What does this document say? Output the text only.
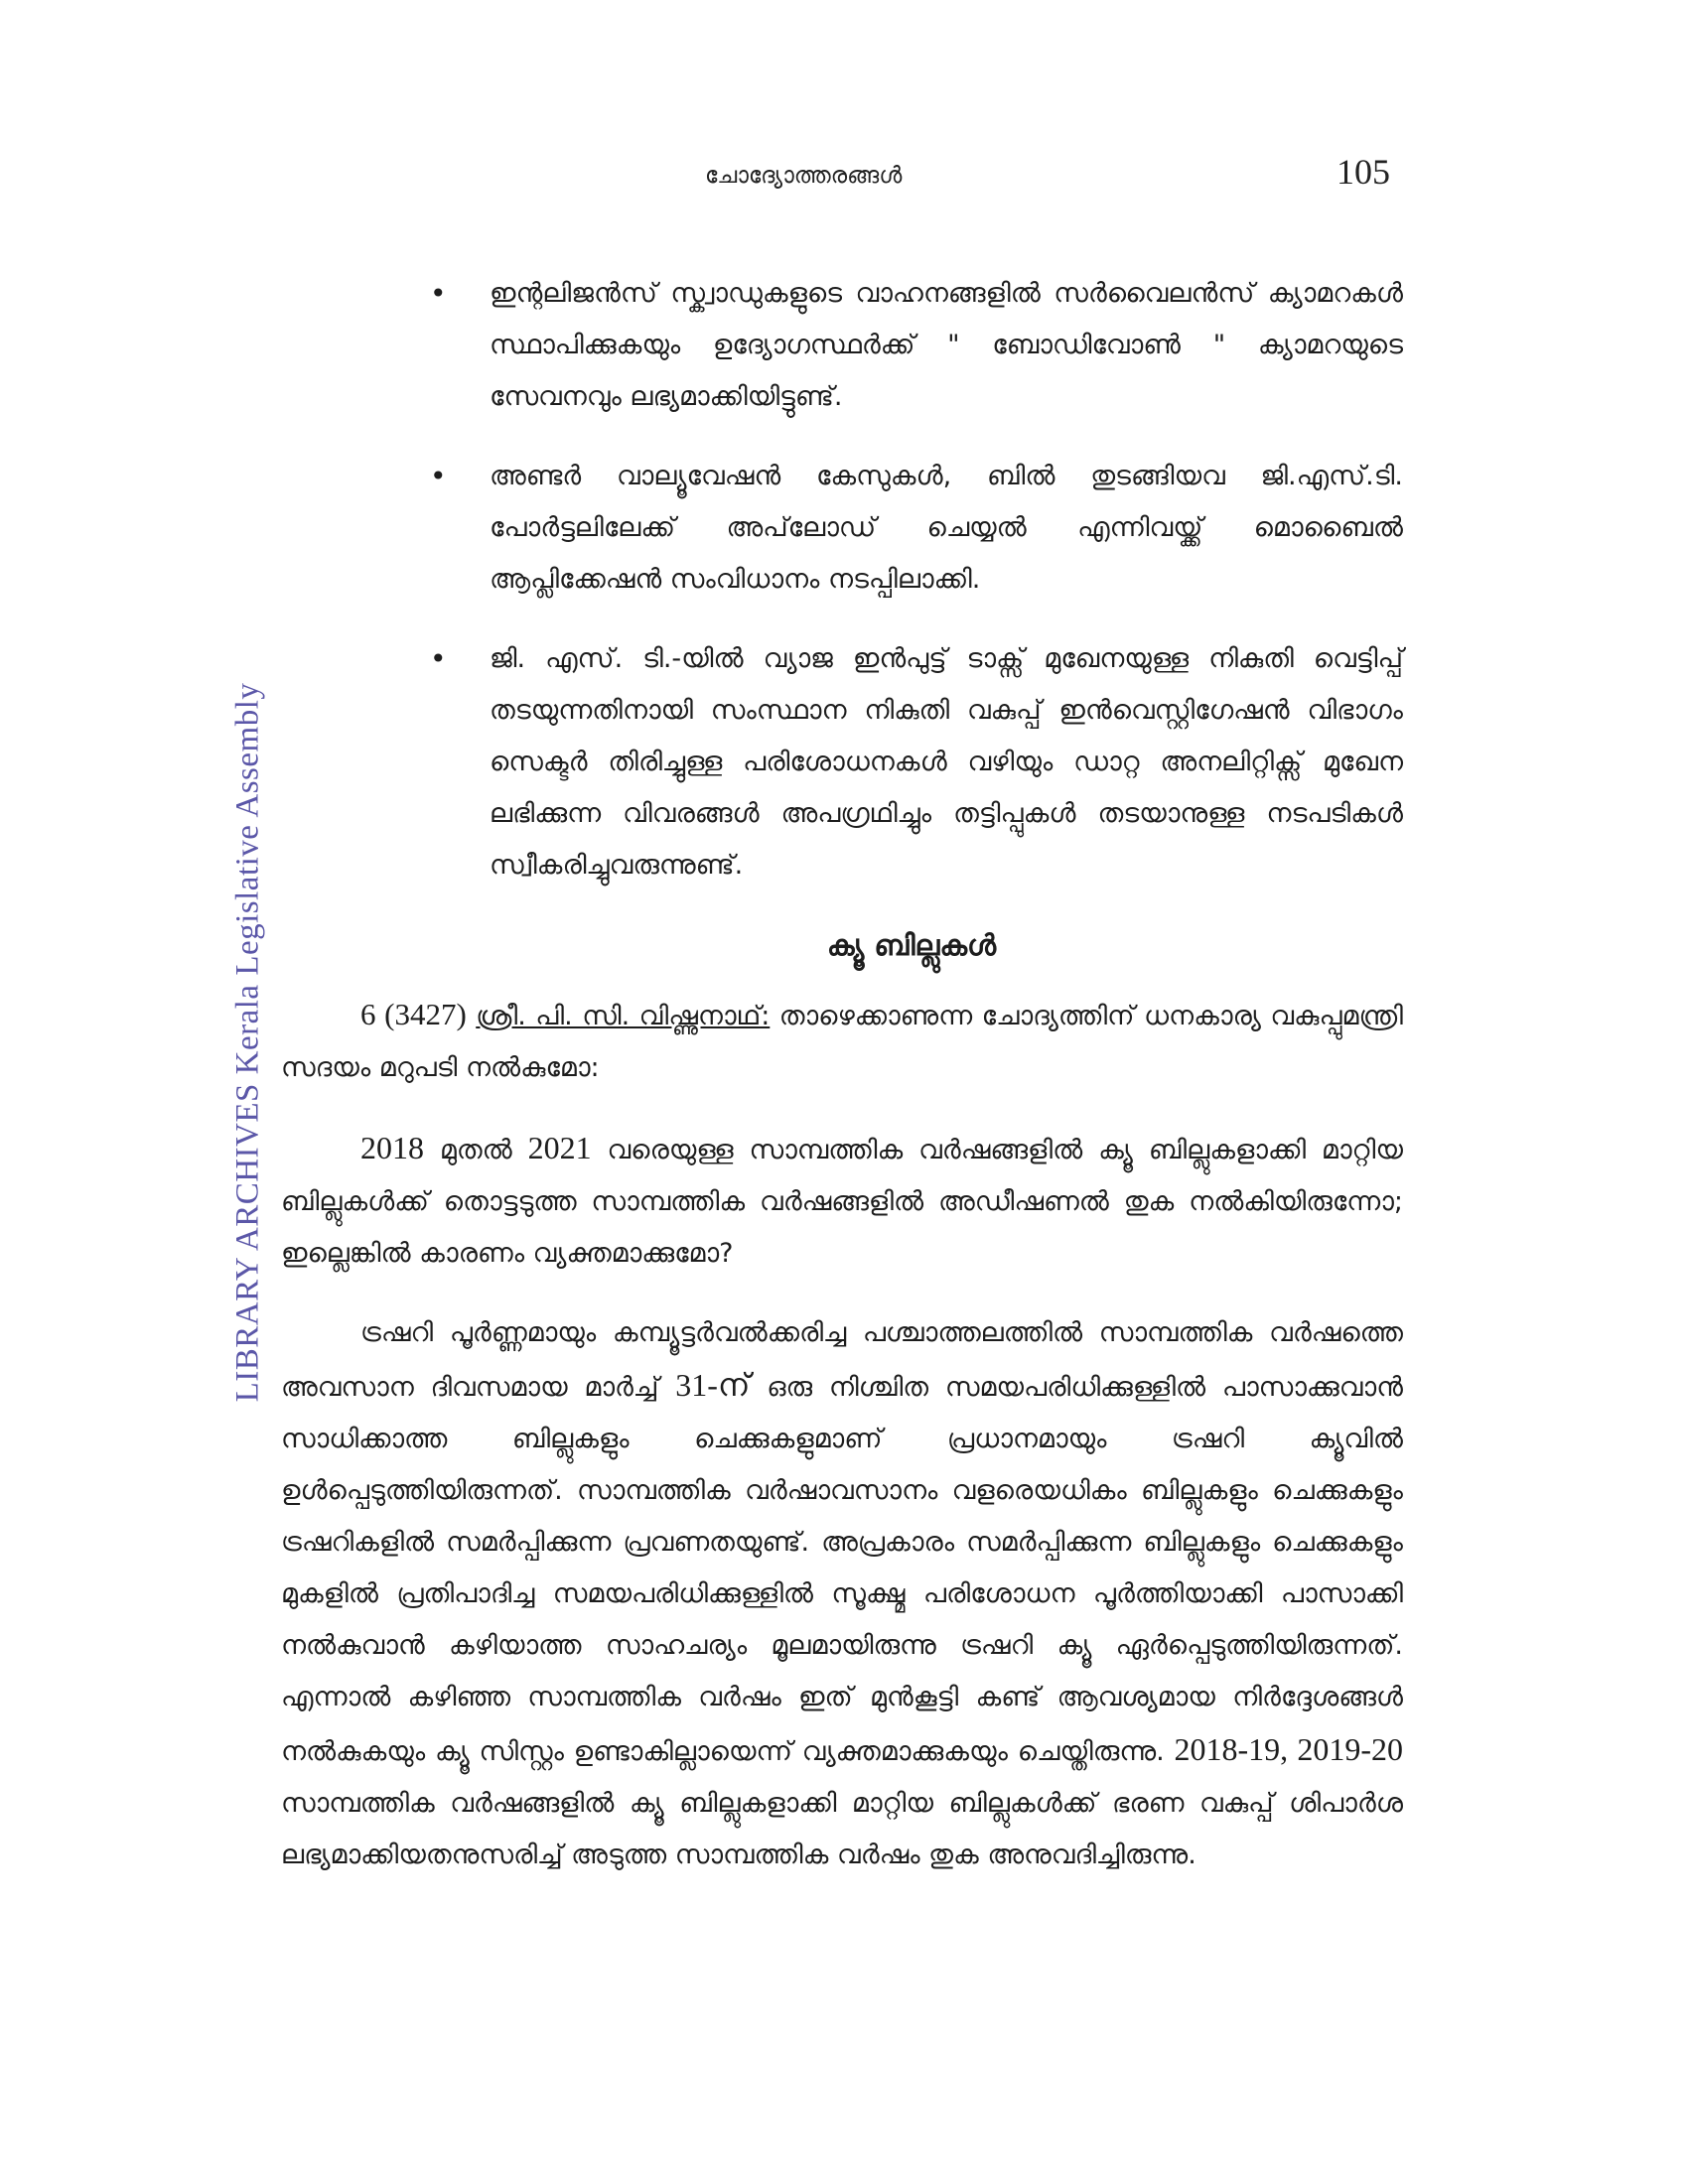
ചോദ്യോത്തരങ്ങൾ	105
LIBRARY ARCHIVES Kerala Legislative Assembly
• ഇന്റലിജൻസ് സ്ക്വാഡുകളുടെ വാഹനങ്ങളിൽ സർവൈലൻസ് ക്യാമറകൾ സ്ഥാപിക്കുകയും ഉദ്യോഗസ്ഥർക്ക് " ബോഡിവോൺ " ക്യാമറയുടെ സേവനവും ലഭ്യമാക്കിയിട്ടുണ്ട്.
• അണ്ടർ വാല്യൂവേഷൻ കേസുകൾ, ബിൽ തുടങ്ങിയവ ജി.എസ്.ടി. പോർട്ടലിലേക്ക് അപ്‌ലോഡ് ചെയ്യൽ എന്നിവയ്ക്ക് മൊബൈൽ ആപ്ലിക്കേഷൻ സംവിധാനം നടപ്പിലാക്കി.
• ജി. എസ്. ടി.-യിൽ വ്യാജ ഇൻപുട്ട് ടാക്സ് മുഖേനയുള്ള നികുതി വെട്ടിപ്പ് തടയുന്നതിനായി സംസ്ഥാന നികുതി വകുപ്പ് ഇൻവെസ്റ്റിഗേഷൻ വിഭാഗം സെക്ടർ തിരിച്ചുള്ള പരിശോധനകൾ വഴിയും ഡാറ്റ അനലിറ്റിക്സ് മുഖേന ലഭിക്കുന്ന വിവരങ്ങൾ അപഗ്രഥിച്ചും തട്ടിപ്പുകൾ തടയാനുള്ള നടപടികൾ സ്വീകരിച്ചുവരുന്നുണ്ട്.
ക്യൂ ബില്ലുകൾ

6 (3427) ശ്രീ. പി. സി. വിഷ്ണുനാഥ്: താഴെക്കാണുന്ന ചോദ്യത്തിന് ധനകാര്യ വകുപ്പുമന്ത്രി സദയം മറുപടി നൽകുമോ:

2018 മുതൽ 2021 വരെയുള്ള സാമ്പത്തിക വർഷങ്ങളിൽ ക്യൂ ബില്ലുകളാക്കി മാറ്റിയ ബില്ലുകൾക്ക് തൊട്ടടുത്ത സാമ്പത്തിക വർഷങ്ങളിൽ അഡീഷണൽ തുക നൽകിയിരുന്നോ; ഇല്ലെങ്കിൽ കാരണം വ്യക്തമാക്കുമോ?

ട്രഷറി പൂർണ്ണമായും കമ്പ്യൂട്ടർവൽക്കരിച്ച പശ്ചാത്തലത്തിൽ സാമ്പത്തിക വർഷത്തെ അവസാന ദിവസമായ മാർച്ച് 31-ന് ഒരു നിശ്ചിത സമയപരിധിക്കുള്ളിൽ പാസാക്കുവാൻ സാധിക്കാത്ത ബില്ലുകളും ചെക്കുകളുമാണ് പ്രധാനമായും ട്രഷറി ക്യൂവിൽ ഉൾപ്പെടുത്തിയിരുന്നത്. സാമ്പത്തിക വർഷാവസാനം വളരെയധികം ബില്ലുകളും ചെക്കുകളും ട്രഷറികളിൽ സമർപ്പിക്കുന്ന പ്രവണതയുണ്ട്. അപ്രകാരം സമർപ്പിക്കുന്ന ബില്ലുകളും ചെക്കുകളും മുകളിൽ പ്രതിപാദിച്ച സമയപരിധിക്കുള്ളിൽ സൂക്ഷ്മ പരിശോധന പൂർത്തിയാക്കി പാസാക്കി നൽകുവാൻ കഴിയാത്ത സാഹചര്യം മൂലമായിരുന്നു ട്രഷറി ക്യൂ ഏർപ്പെടുത്തിയിരുന്നത്. എന്നാൽ കഴിഞ്ഞ സാമ്പത്തിക വർഷം ഇത് മുൻകൂട്ടി കണ്ട് ആവശ്യമായ നിർദ്ദേശങ്ങൾ നൽകുകയും ക്യൂ സിസ്റ്റം ഉണ്ടാകില്ലായെന്ന് വ്യക്തമാക്കുകയും ചെയ്തിരുന്നു. 2018-19, 2019-20 സാമ്പത്തിക വർഷങ്ങളിൽ ക്യൂ ബില്ലുകളാക്കി മാറ്റിയ ബില്ലുകൾക്ക് ഭരണ വകുപ്പ് ശിപാർശ ലഭ്യമാക്കിയതനുസരിച്ച് അടുത്ത സാമ്പത്തിക വർഷം തുക അനുവദിച്ചിരുന്നു.
